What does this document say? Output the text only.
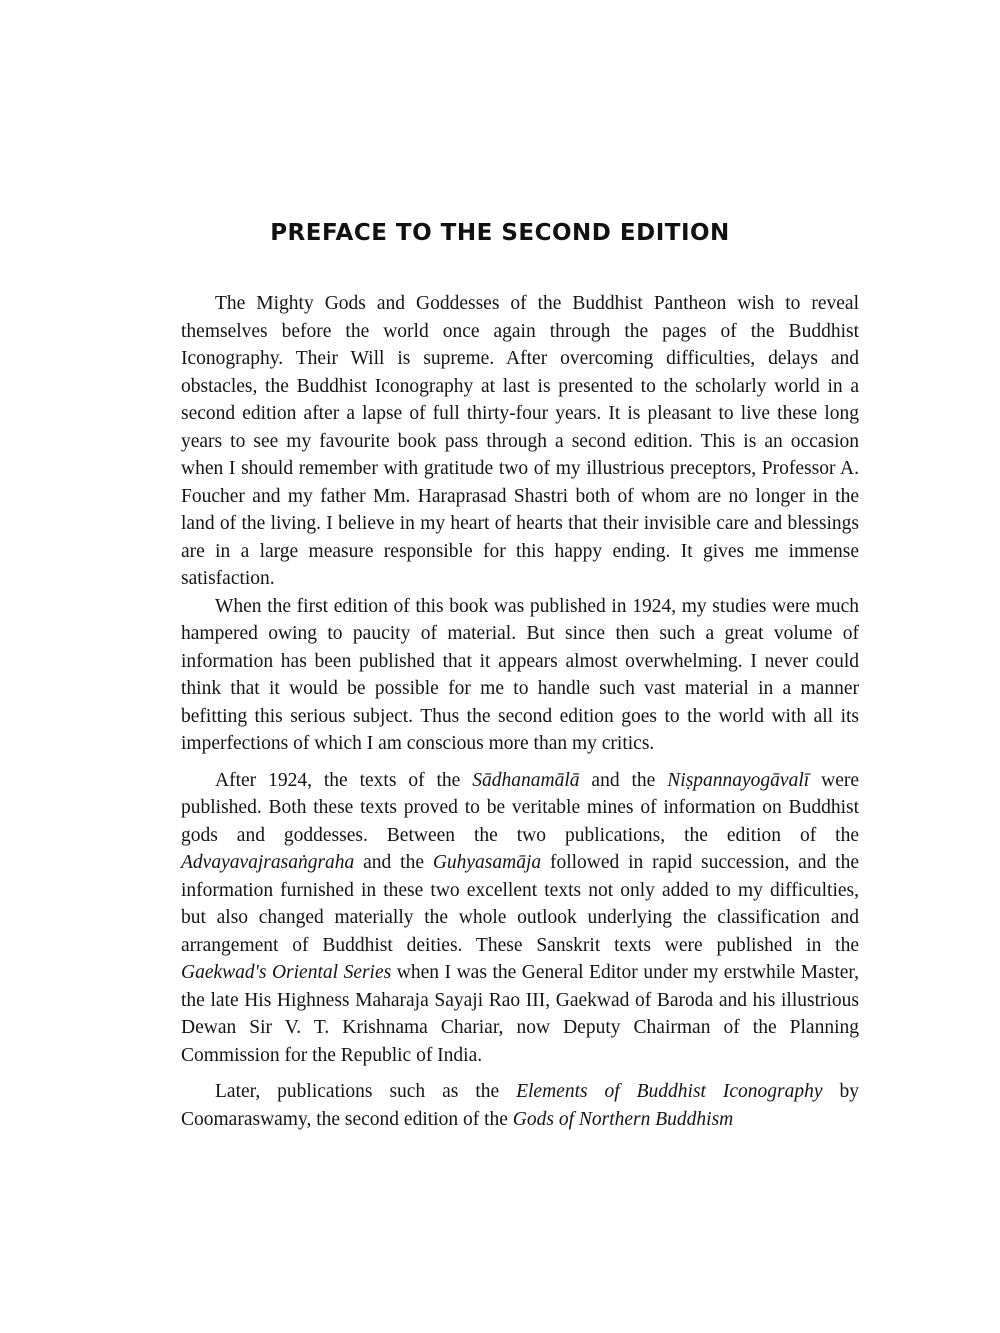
PREFACE TO THE SECOND EDITION

The Mighty Gods and Goddesses of the Buddhist Pantheon wish to reveal themselves before the world once again through the pages of the Buddhist Iconography. Their Will is supreme. After overcoming difficulties, delays and obstacles, the Buddhist Iconography at last is presented to the scholarly world in a second edition after a lapse of full thirty-four years. It is pleasant to live these long years to see my favourite book pass through a second edition. This is an occasion when I should remember with gratitude two of my illustrious preceptors, Professor A. Foucher and my father Mm. Haraprasad Shastri both of whom are no longer in the land of the living. I believe in my heart of hearts that their invisible care and blessings are in a large measure responsible for this happy ending. It gives me immense satisfaction.

When the first edition of this book was published in 1924, my studies were much hampered owing to paucity of material. But since then such a great volume of information has been published that it appears almost overwhelming. I never could think that it would be possible for me to handle such vast material in a manner befitting this serious subject. Thus the second edition goes to the world with all its imperfections of which I am conscious more than my critics.

After 1924, the texts of the Sādhanamālā and the Niṣpannayogāvalī were published. Both these texts proved to be veritable mines of information on Buddhist gods and goddesses. Between the two publications, the edition of the Advayavajrasaṅgraha and the Guhyasamāja followed in rapid succession, and the information furnished in these two excellent texts not only added to my difficulties, but also changed materially the whole outlook underlying the classification and arrangement of Buddhist deities. These Sanskrit texts were published in the Gaekwad's Oriental Series when I was the General Editor under my erstwhile Master, the late His Highness Maharaja Sayaji Rao III, Gaekwad of Baroda and his illustrious Dewan Sir V. T. Krishnama Chariar, now Deputy Chairman of the Planning Commission for the Republic of India.

Later, publications such as the Elements of Buddhist Iconography by Coomaraswamy, the second edition of the Gods of Northern Buddhism
